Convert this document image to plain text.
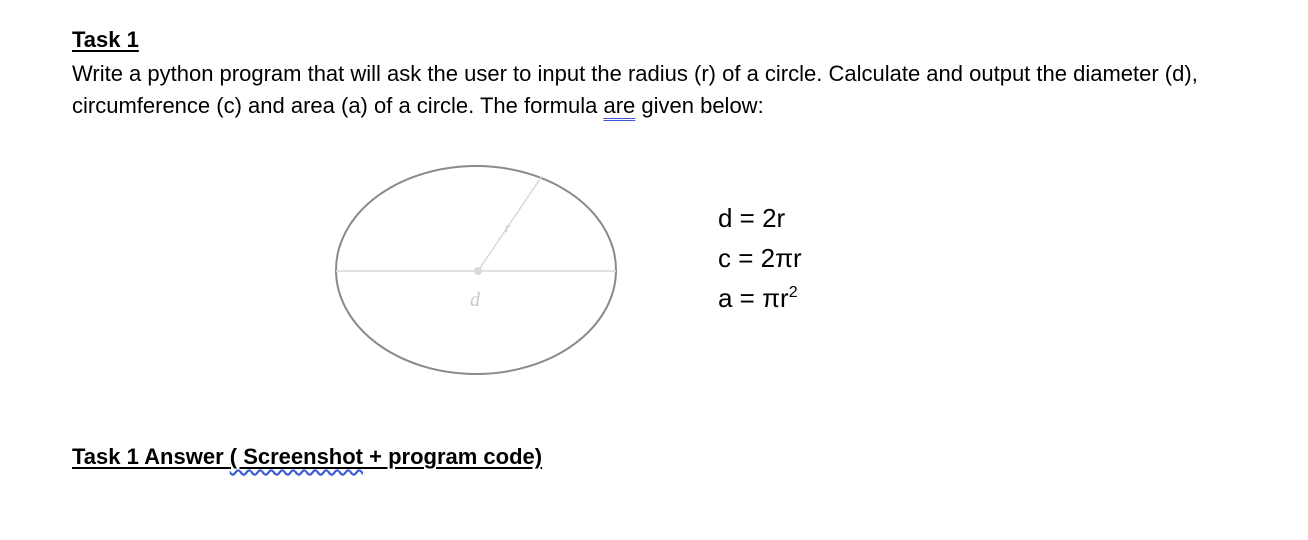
Task 1

Write a python program that will ask the user to input the radius (r) of a circle. Calculate and output the diameter (d), circumference (c) and area (a) of a circle. The formula are given below:

r
d
d = 2r
c = 2πr
$a = \pi r^2$
Task 1 Answer ( Screenshot + program code)
